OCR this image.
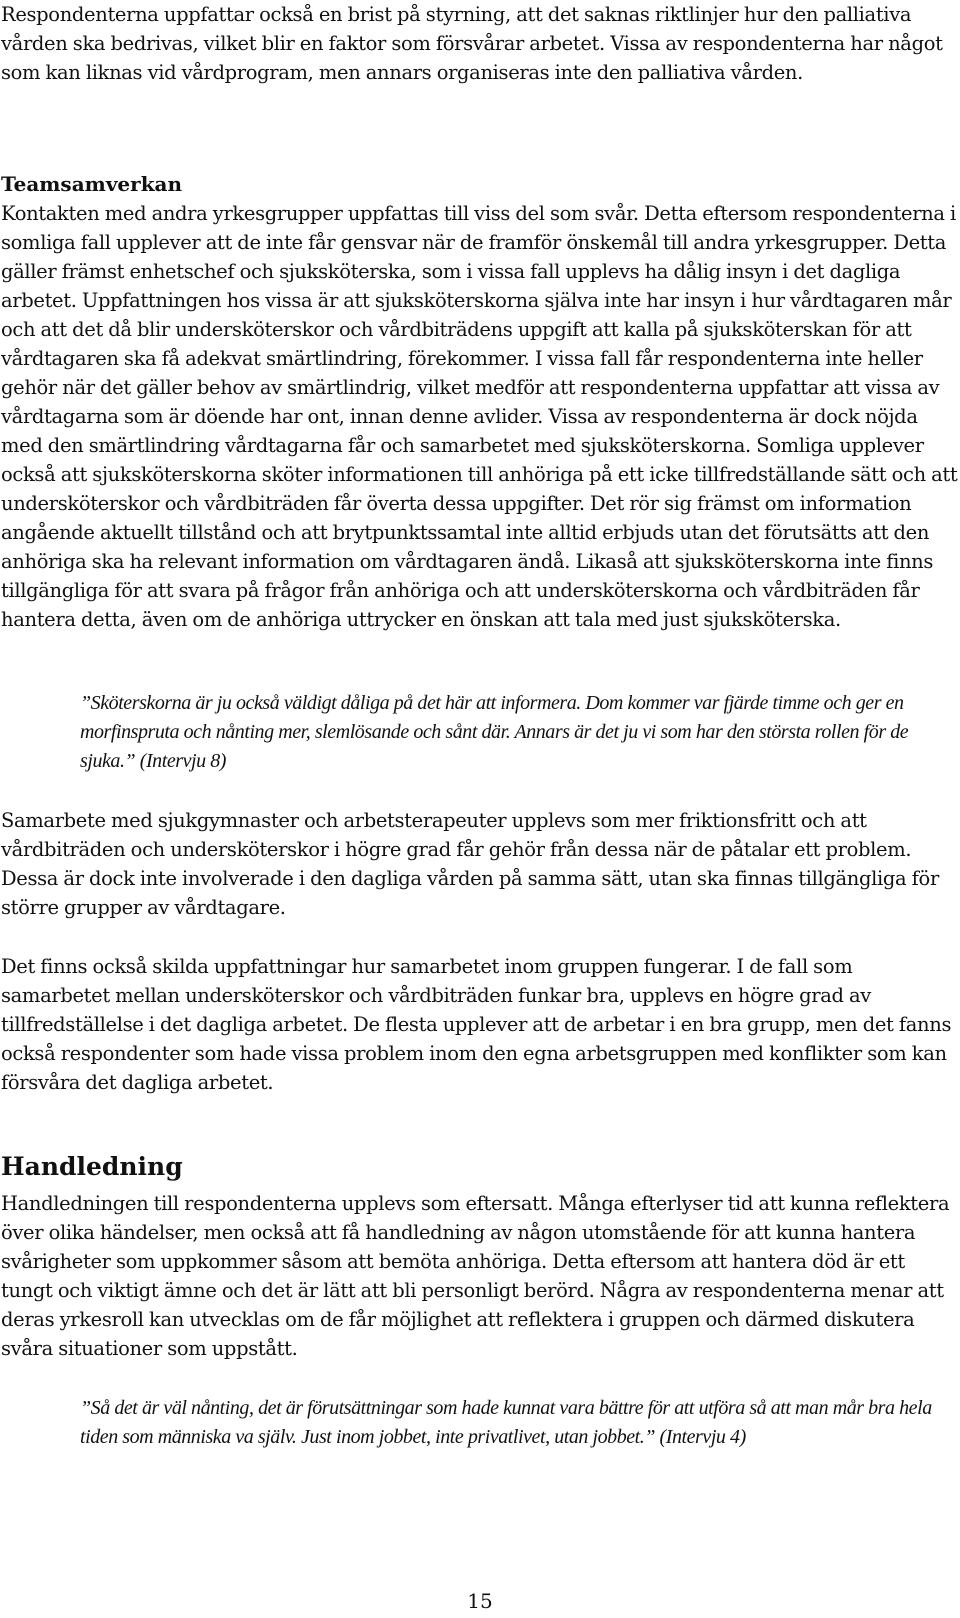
Respondenterna uppfattar också en brist på styrning, att det saknas riktlinjer hur den palliativa vården ska bedrivas, vilket blir en faktor som försvårar arbetet. Vissa av respondenterna har något som kan liknas vid vårdprogram, men annars organiseras inte den palliativa vården.

Teamsamverkan

Kontakten med andra yrkesgrupper uppfattas till viss del som svår. Detta eftersom respondenterna i somliga fall upplever att de inte får gensvar när de framför önskemål till andra yrkesgrupper. Detta gäller främst enhetschef och sjuksköterska, som i vissa fall upplevs ha dålig insyn i det dagliga arbetet. Uppfattningen hos vissa är att sjuksköterskorna själva inte har insyn i hur vårdtagaren mår och att det då blir undersköterskor och vårdbiträdens uppgift att kalla på sjuksköterskan för att vårdtagaren ska få adekvat smärtlindring, förekommer. I vissa fall får respondenterna inte heller gehör när det gäller behov av smärtlindrig, vilket medför att respondenterna uppfattar att vissa av vårdtagarna som är döende har ont, innan denne avlider. Vissa av respondenterna är dock nöjda med den smärtlindring vårdtagarna får och samarbetet med sjuksköterskorna. Somliga upplever också att sjuksköterskorna sköter informationen till anhöriga på ett icke tillfredställande sätt och att undersköterskor och vårdbiträden får överta dessa uppgifter. Det rör sig främst om information angående aktuellt tillstånd och att brytpunktssamtal inte alltid erbjuds utan det förutsätts att den anhöriga ska ha relevant information om vårdtagaren ändå. Likaså att sjuksköterskorna inte finns tillgängliga för att svara på frågor från anhöriga och att undersköterskorna och vårdbiträden får hantera detta, även om de anhöriga uttrycker en önskan att tala med just sjuksköterska.

”Sköterskorna är ju också väldigt dåliga på det här att informera. Dom kommer var fjärde timme och ger en morfinspruta och nånting mer, slemlösande och sånt där. Annars är det ju vi som har den största rollen för de sjuka.” (Intervju 8)

Samarbete med sjukgymnaster och arbetsterapeuter upplevs som mer friktionsfritt och att vårdbiträden och undersköterskor i högre grad får gehör från dessa när de påtalar ett problem. Dessa är dock inte involverade i den dagliga vården på samma sätt, utan ska finnas tillgängliga för större grupper av vårdtagare.

Det finns också skilda uppfattningar hur samarbetet inom gruppen fungerar. I de fall som samarbetet mellan undersköterskor och vårdbiträden funkar bra, upplevs en högre grad av tillfredställelse i det dagliga arbetet. De flesta upplever att de arbetar i en bra grupp, men det fanns också respondenter som hade vissa problem inom den egna arbetsgruppen med konflikter som kan försvåra det dagliga arbetet.

Handledning

Handledningen till respondenterna upplevs som eftersatt. Många efterlyser tid att kunna reflektera över olika händelser, men också att få handledning av någon utomstående för att kunna hantera svårigheter som uppkommer såsom att bemöta anhöriga. Detta eftersom att hantera död är ett tungt och viktigt ämne och det är lätt att bli personligt berörd. Några av respondenterna menar att deras yrkesroll kan utvecklas om de får möjlighet att reflektera i gruppen och därmed diskutera svåra situationer som uppstått.

”Så det är väl nånting, det är förutsättningar som hade kunnat vara bättre för att utföra så att man mår bra hela tiden som människa va själv. Just inom jobbet, inte privatlivet, utan jobbet.” (Intervju 4)
15
